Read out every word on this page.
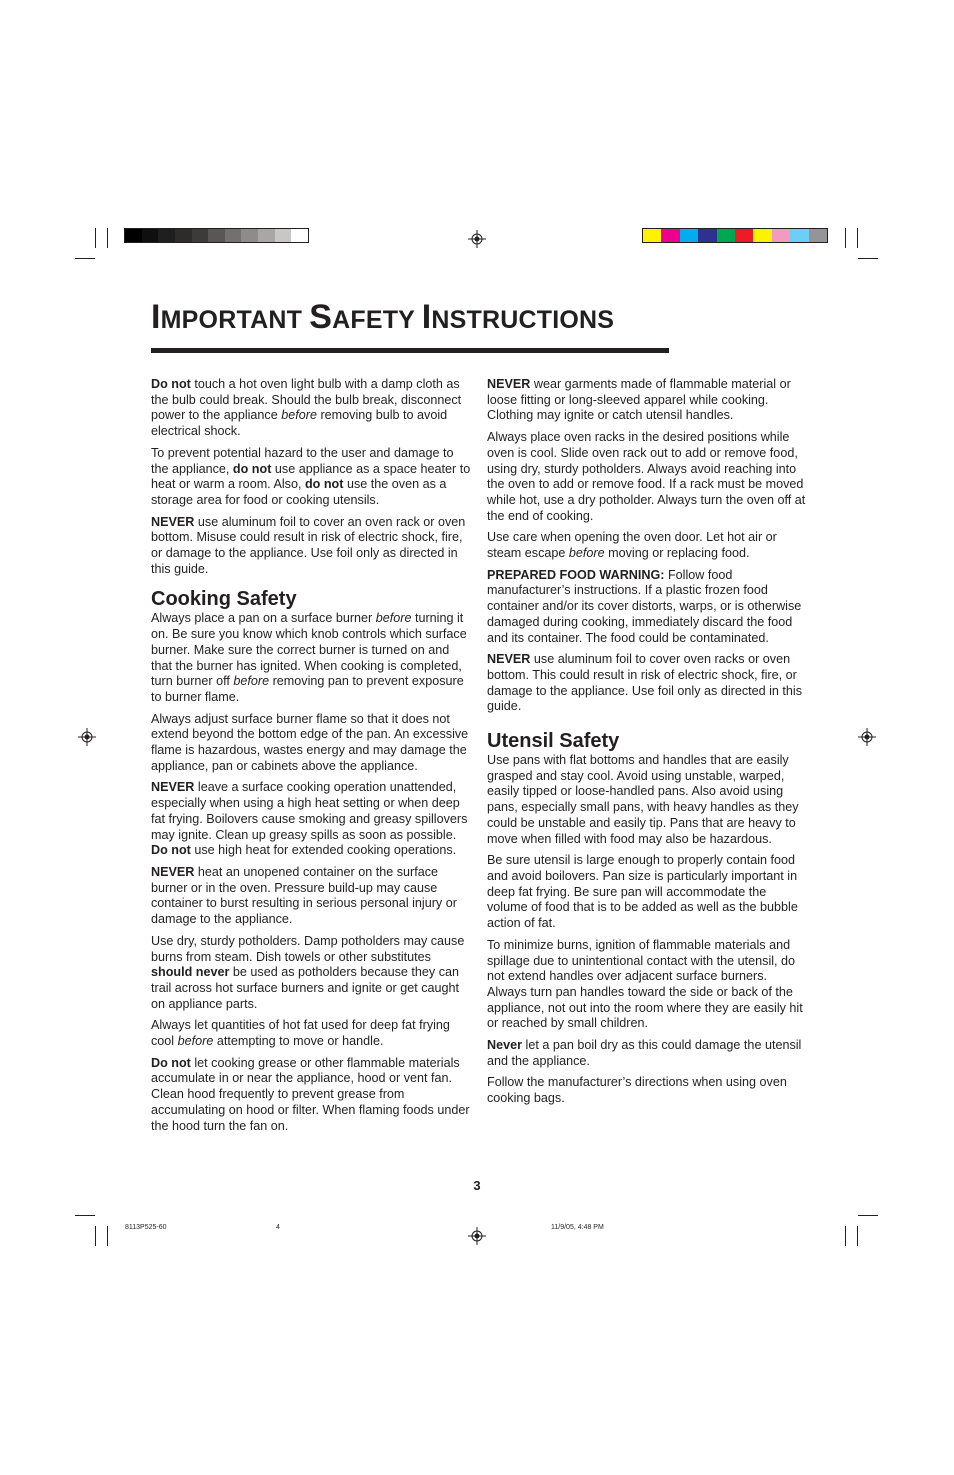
IMPORTANT SAFETY INSTRUCTIONS

Do not touch a hot oven light bulb with a damp cloth as the bulb could break. Should the bulb break, disconnect power to the appliance before removing bulb to avoid electrical shock.

To prevent potential hazard to the user and damage to the appliance, do not use appliance as a space heater to heat or warm a room. Also, do not use the oven as a storage area for food or cooking utensils.

NEVER use aluminum foil to cover an oven rack or oven bottom. Misuse could result in risk of electric shock, fire, or damage to the appliance. Use foil only as directed in this guide.

Cooking Safety

Always place a pan on a surface burner before turning it on. Be sure you know which knob controls which surface burner. Make sure the correct burner is turned on and that the burner has ignited. When cooking is completed, turn burner off before removing pan to prevent exposure to burner flame.

Always adjust surface burner flame so that it does not extend beyond the bottom edge of the pan. An excessive flame is hazardous, wastes energy and may damage the appliance, pan or cabinets above the appliance.

NEVER leave a surface cooking operation unattended, especially when using a high heat setting or when deep fat frying. Boilovers cause smoking and greasy spillovers may ignite. Clean up greasy spills as soon as possible.
Do not use high heat for extended cooking operations.

NEVER heat an unopened container on the surface burner or in the oven. Pressure build-up may cause container to burst resulting in serious personal injury or damage to the appliance.

Use dry, sturdy potholders. Damp potholders may cause burns from steam. Dish towels or other substitutes should never be used as potholders because they can trail across hot surface burners and ignite or get caught on appliance parts.

Always let quantities of hot fat used for deep fat frying cool before attempting to move or handle.

Do not let cooking grease or other flammable materials accumulate in or near the appliance, hood or vent fan. Clean hood frequently to prevent grease from accumulating on hood or filter. When flaming foods under the hood turn the fan on.

NEVER wear garments made of flammable material or loose fitting or long-sleeved apparel while cooking. Clothing may ignite or catch utensil handles.

Always place oven racks in the desired positions while oven is cool. Slide oven rack out to add or remove food, using dry, sturdy potholders. Always avoid reaching into the oven to add or remove food. If a rack must be moved while hot, use a dry potholder. Always turn the oven off at the end of cooking.

Use care when opening the oven door. Let hot air or steam escape before moving or replacing food.

PREPARED FOOD WARNING: Follow food manufacturer’s instructions. If a plastic frozen food container and/or its cover distorts, warps, or is otherwise damaged during cooking, immediately discard the food and its container. The food could be contaminated.

NEVER use aluminum foil to cover oven racks or oven bottom. This could result in risk of electric shock, fire, or damage to the appliance. Use foil only as directed in this guide.

Utensil Safety

Use pans with flat bottoms and handles that are easily grasped and stay cool. Avoid using unstable, warped, easily tipped or loose-handled pans. Also avoid using pans, especially small pans, with heavy handles as they could be unstable and easily tip. Pans that are heavy to move when filled with food may also be hazardous.

Be sure utensil is large enough to properly contain food and avoid boilovers. Pan size is particularly important in deep fat frying. Be sure pan will accommodate the volume of food that is to be added as well as the bubble action of fat.

To minimize burns, ignition of flammable materials and spillage due to unintentional contact with the utensil, do not extend handles over adjacent surface burners. Always turn pan handles toward the side or back of the appliance, not out into the room where they are easily hit or reached by small children.

Never let a pan boil dry as this could damage the utensil and the appliance.

Follow the manufacturer’s directions when using oven cooking bags.

3
8113P525-60	4	11/9/05, 4:48 PM
